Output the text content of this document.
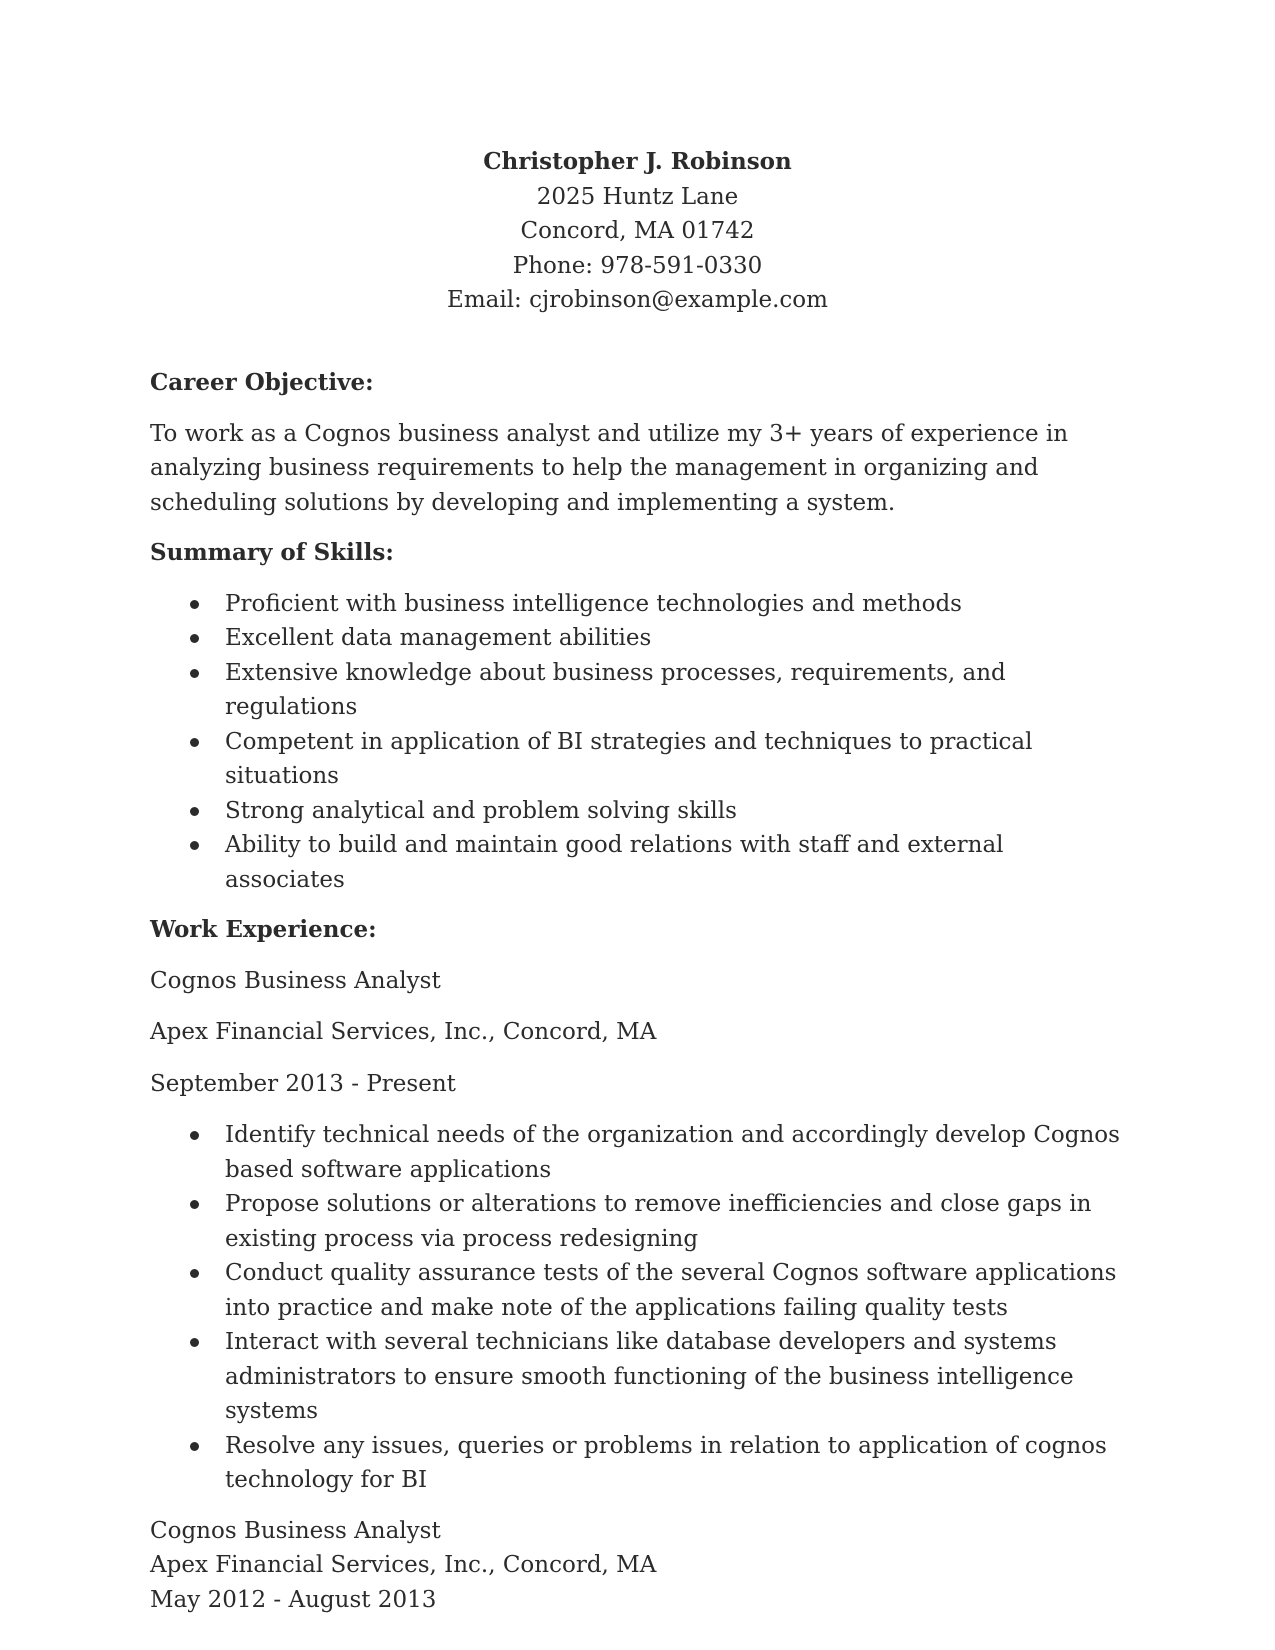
Christopher J. Robinson
2025 Huntz Lane
Concord, MA 01742
Phone: 978-591-0330
Email: cjrobinson@example.com
Career Objective:
To work as a Cognos business analyst and utilize my 3+ years of experience in analyzing business requirements to help the management in organizing and scheduling solutions by developing and implementing a system.
Summary of Skills:
Proficient with business intelligence technologies and methods
Excellent data management abilities
Extensive knowledge about business processes, requirements, and regulations
Competent in application of BI strategies and techniques to practical situations
Strong analytical and problem solving skills
Ability to build and maintain good relations with staff and external associates
Work Experience:
Cognos Business Analyst
Apex Financial Services, Inc., Concord, MA
September 2013 - Present
Identify technical needs of the organization and accordingly develop Cognos based software applications
Propose solutions or alterations to remove inefficiencies and close gaps in existing process via process redesigning
Conduct quality assurance tests of the several Cognos software applications into practice and make note of the applications failing quality tests
Interact with several technicians like database developers and systems administrators to ensure smooth functioning of the business intelligence systems
Resolve any issues, queries or problems in relation to application of cognos technology for BI
Cognos Business Analyst
Apex Financial Services, Inc., Concord, MA
May 2012 - August 2013
